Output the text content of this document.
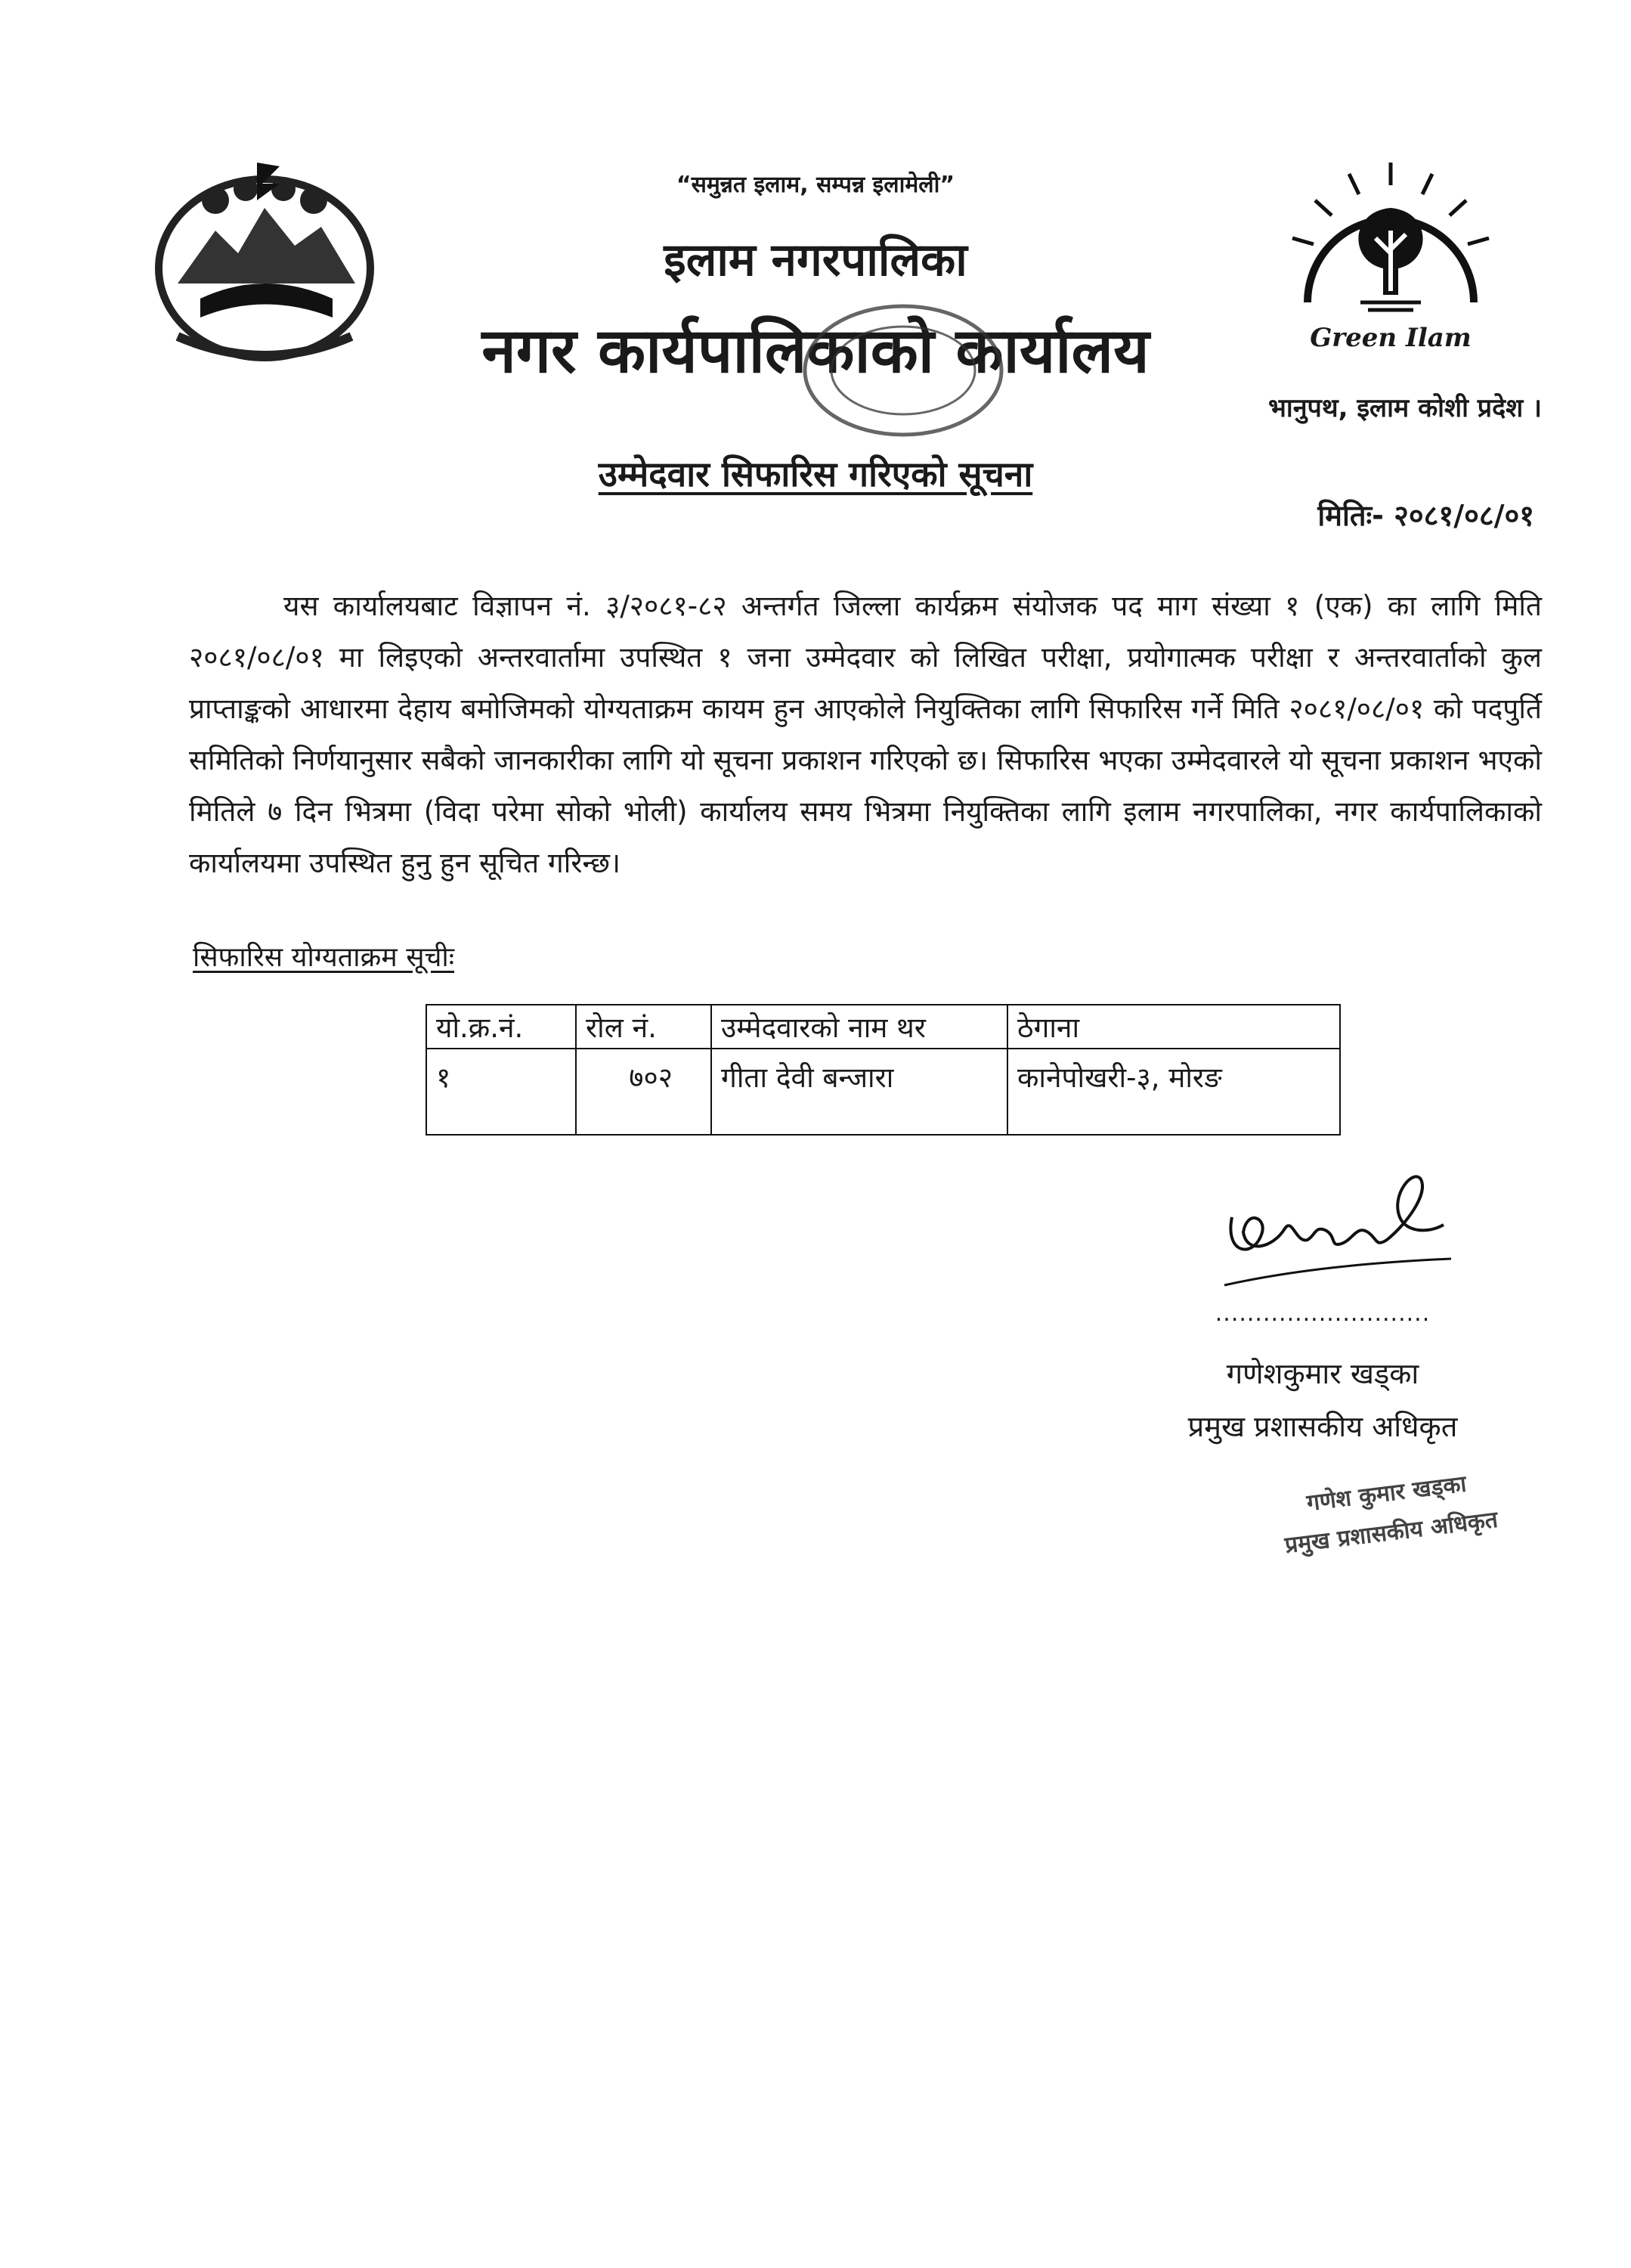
Green Ilam
“समुन्नत इलाम, सम्पन्न इलामेली”
इलाम नगरपालिका
नगर कार्यपालिकाको कार्यालय
भानुपथ, इलाम कोशी प्रदेश ।
उम्मेदवार सिफारिस गरिएको सूचना
मितिः- २०८१/०८/०१
यस कार्यालयबाट विज्ञापन नं. ३/२०८१-८२ अन्तर्गत जिल्ला कार्यक्रम संयोजक पद माग संख्या १ (एक) का लागि मिति २०८१/०८/०१ मा लिइएको अन्तरवार्तामा उपस्थित १ जना उम्मेदवार को लिखित परीक्षा, प्रयोगात्मक परीक्षा र अन्तरवार्ताको कुल प्राप्ताङ्कको आधारमा देहाय बमोजिमको योग्यताक्रम कायम हुन आएकोले नियुक्तिका लागि सिफारिस गर्ने मिति २०८१/०८/०१ को पदपुर्ति समितिको निर्णयानुसार सबैको जानकारीका लागि यो सूचना प्रकाशन गरिएको छ। सिफारिस भएका उम्मेदवारले यो सूचना प्रकाशन भएको मितिले ७ दिन भित्रमा (विदा परेमा सोको भोली) कार्यालय समय भित्रमा नियुक्तिका लागि इलाम नगरपालिका, नगर कार्यपालिकाको कार्यालयमा उपस्थित हुनु हुन सूचित गरिन्छ।
सिफारिस योग्यताक्रम सूचीः
यो.क्र.नं.	रोल नं.	उम्मेदवारको नाम थर	ठेगाना
१	७०२	गीता देवी बन्जारा	कानेपोखरी-३, मोरङ
...........................
गणेशकुमार खड्का
प्रमुख प्रशासकीय अधिकृत
गणेश कुमार खड्का
प्रमुख प्रशासकीय अधिकृत
